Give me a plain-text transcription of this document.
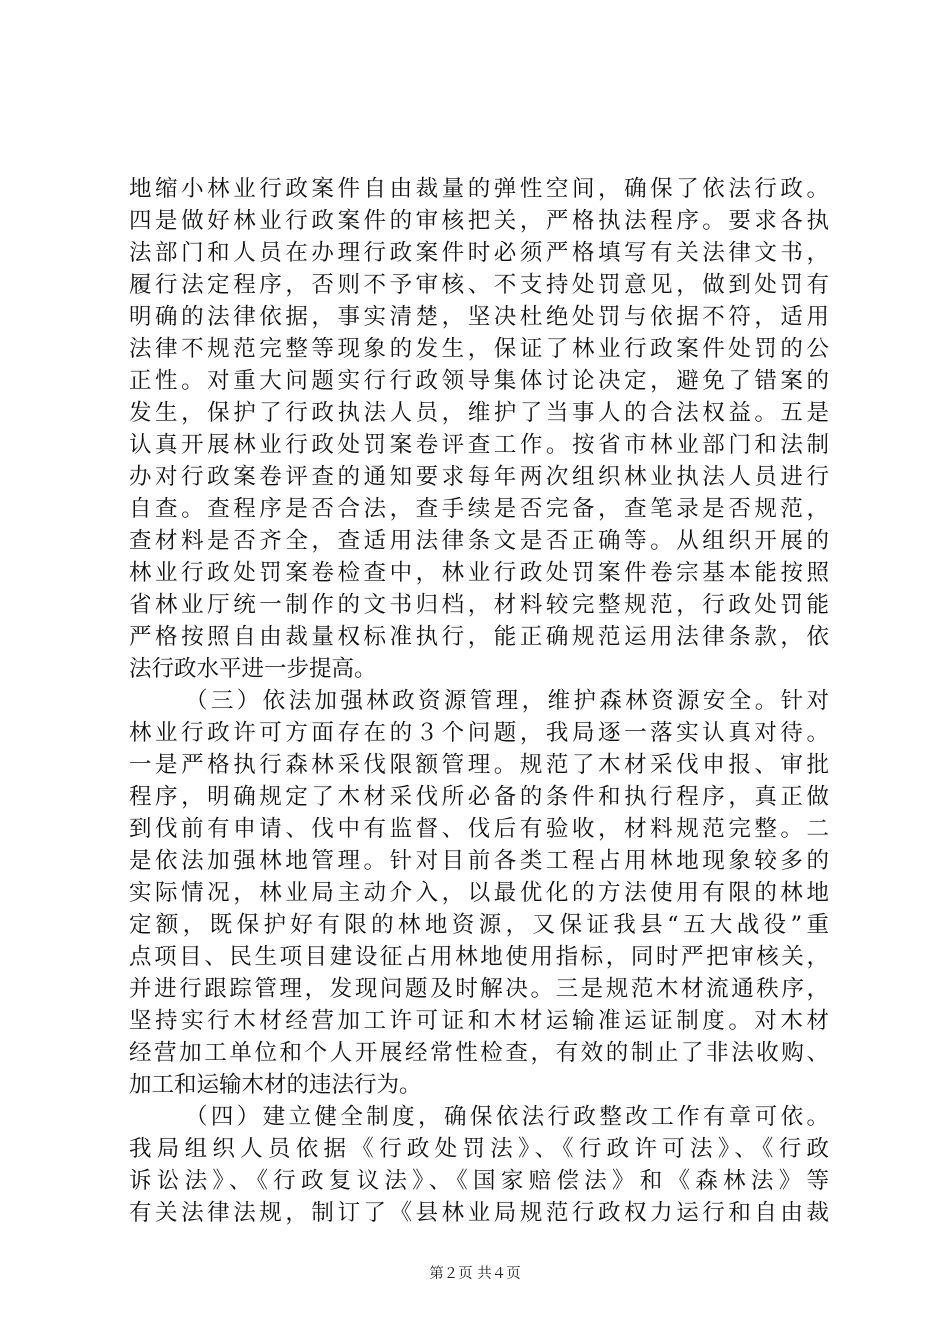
地缩小林业行政案件自由裁量的弹性空间，确保了依法行政。
四是做好林业行政案件的审核把关，严格执法程序。要求各执
法部门和人员在办理行政案件时必须严格填写有关法律文书，
履行法定程序，否则不予审核、不支持处罚意见，做到处罚有
明确的法律依据，事实清楚，坚决杜绝处罚与依据不符，适用
法律不规范完整等现象的发生，保证了林业行政案件处罚的公
正性。对重大问题实行行政领导集体讨论决定，避免了错案的
发生，保护了行政执法人员，维护了当事人的合法权益。五是
认真开展林业行政处罚案卷评查工作。按省市林业部门和法制
办对行政案卷评查的通知要求每年两次组织林业执法人员进行
自查。查程序是否合法，查手续是否完备，查笔录是否规范，
查材料是否齐全，查适用法律条文是否正确等。从组织开展的
林业行政处罚案卷检查中，林业行政处罚案件卷宗基本能按照
省林业厅统一制作的文书归档，材料较完整规范，行政处罚能
严格按照自由裁量权标准执行，能正确规范运用法律条款，依
法行政水平进一步提高。
（三）依法加强林政资源管理，维护森林资源安全。针对
林业行政许可方面存在的３个问题，我局逐一落实认真对待。
一是严格执行森林采伐限额管理。规范了木材采伐申报、审批
程序，明确规定了木材采伐所必备的条件和执行程序，真正做
到伐前有申请、伐中有监督、伐后有验收，材料规范完整。二
是依法加强林地管理。针对目前各类工程占用林地现象较多的
实际情况，林业局主动介入，以最优化的方法使用有限的林地
定额，既保护好有限的林地资源，又保证我县“五大战役”重
点项目、民生项目建设征占用林地使用指标，同时严把审核关，
并进行跟踪管理，发现问题及时解决。三是规范木材流通秩序，
坚持实行木材经营加工许可证和木材运输准运证制度。对木材
经营加工单位和个人开展经常性检查，有效的制止了非法收购、
加工和运输木材的违法行为。
（四）建立健全制度，确保依法行政整改工作有章可依。
我局组织人员依据《行政处罚法》、《行政许可法》、《行政
诉讼法》、《行政复议法》、《国家赔偿法》和《森林法》等
有关法律法规，制订了《县林业局规范行政权力运行和自由裁
第２页 共４页
